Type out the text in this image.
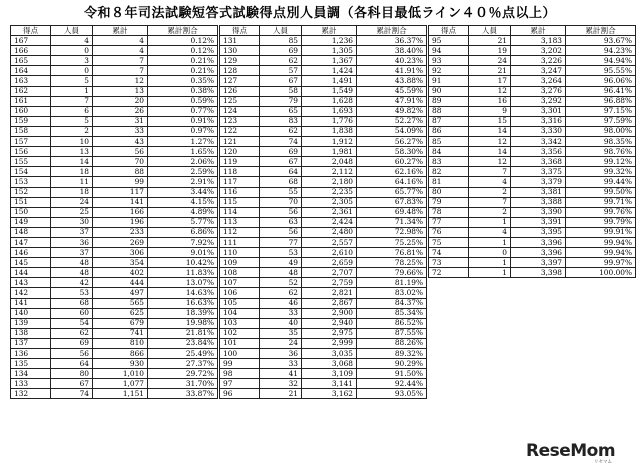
令和８年司法試験短答式試験得点別人員調（各科目最低ライン４０％点以上）
得点	人員	累計	累計割合
167	4	4	0.12%
166	0	4	0.12%
165	3	7	0.21%
164	0	7	0.21%
163	5	12	0.35%
162	1	13	0.38%
161	7	20	0.59%
160	6	26	0.77%
159	5	31	0.91%
158	2	33	0.97%
157	10	43	1.27%
156	13	56	1.65%
155	14	70	2.06%
154	18	88	2.59%
153	11	99	2.91%
152	18	117	3.44%
151	24	141	4.15%
150	25	166	4.89%
149	30	196	5.77%
148	37	233	6.86%
147	36	269	7.92%
146	37	306	9.01%
145	48	354	10.42%
144	48	402	11.83%
143	42	444	13.07%
142	53	497	14.63%
141	68	565	16.63%
140	60	625	18.39%
139	54	679	19.98%
138	62	741	21.81%
137	69	810	23.84%
136	56	866	25.49%
135	64	930	27.37%
134	80	1,010	29.72%
133	67	1,077	31.70%
132	74	1,151	33.87%
得点	人員	累計	累計割合
131	85	1,236	36.37%
130	69	1,305	38.40%
129	62	1,367	40.23%
128	57	1,424	41.91%
127	67	1,491	43.88%
126	58	1,549	45.59%
125	79	1,628	47.91%
124	65	1,693	49.82%
123	83	1,776	52.27%
122	62	1,838	54.09%
121	74	1,912	56.27%
120	69	1,981	58.30%
119	67	2,048	60.27%
118	64	2,112	62.16%
117	68	2,180	64.16%
116	55	2,235	65.77%
115	70	2,305	67.83%
114	56	2,361	69.48%
113	63	2,424	71.34%
112	56	2,480	72.98%
111	77	2,557	75.25%
110	53	2,610	76.81%
109	49	2,659	78.25%
108	48	2,707	79.66%
107	52	2,759	81.19%
106	62	2,821	83.02%
105	46	2,867	84.37%
104	33	2,900	85.34%
103	40	2,940	86.52%
102	35	2,975	87.55%
101	24	2,999	88.26%
100	36	3,035	89.32%
99	33	3,068	90.29%
98	41	3,109	91.50%
97	32	3,141	92.44%
96	21	3,162	93.05%
得点	人員	累計	累計割合
95	21	3,183	93.67%
94	19	3,202	94.23%
93	24	3,226	94.94%
92	21	3,247	95.55%
91	17	3,264	96.06%
90	12	3,276	96.41%
89	16	3,292	96.88%
88	9	3,301	97.15%
87	15	3,316	97.59%
86	14	3,330	98.00%
85	12	3,342	98.35%
84	14	3,356	98.76%
83	12	3,368	99.12%
82	7	3,375	99.32%
81	4	3,379	99.44%
80	2	3,381	99.50%
79	7	3,388	99.71%
78	2	3,390	99.76%
77	1	3,391	99.79%
76	4	3,395	99.91%
75	1	3,396	99.94%
74	0	3,396	99.94%
73	1	3,397	99.97%
72	1	3,398	100.00%
ReseMom
リセマム
